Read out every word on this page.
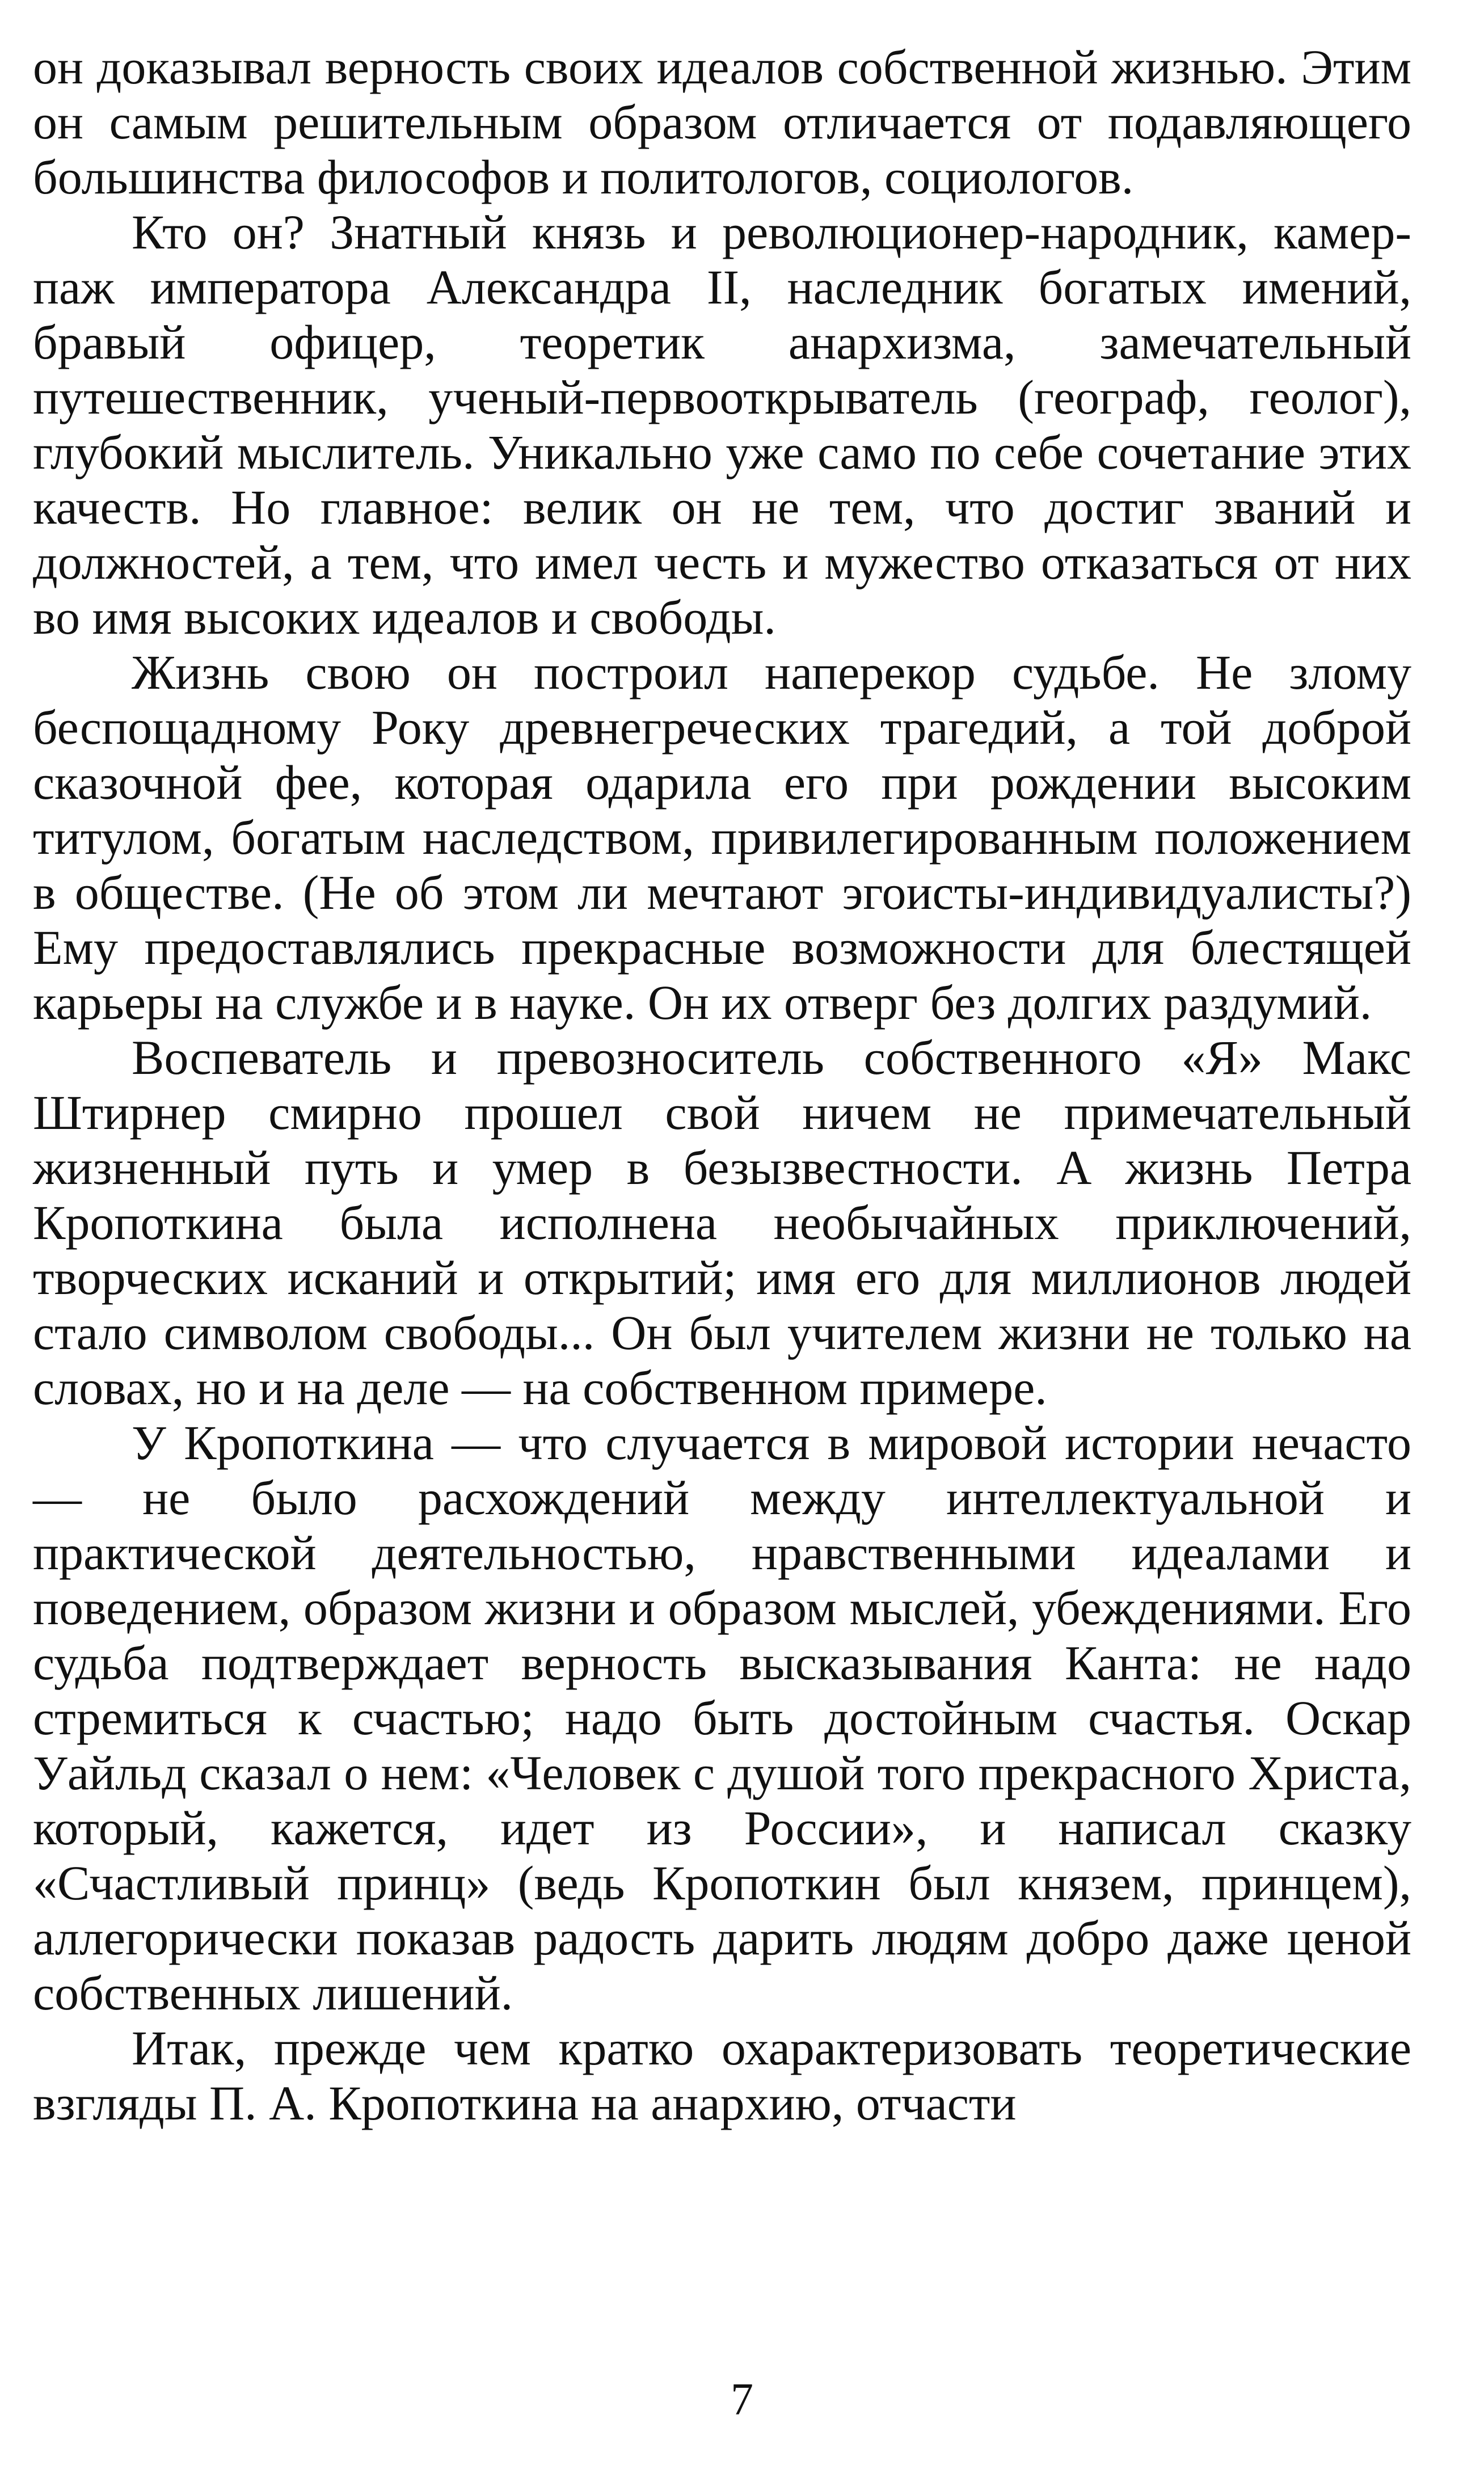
он доказывал верность своих идеалов собственной жизнью. Этим он самым решительным образом отличается от подавляющего большинства философов и политологов, социологов.

Кто он? Знатный князь и революционер-народник, камер-паж императора Александра II, наследник богатых имений, бравый офицер, теоретик анархизма, замечательный путешественник, ученый-первооткрыватель (географ, геолог), глубокий мыслитель. Уникально уже само по себе сочетание этих качеств. Но главное: велик он не тем, что достиг званий и должностей, а тем, что имел честь и мужество отказаться от них во имя высоких идеалов и свободы.

Жизнь свою он построил наперекор судьбе. Не злому беспощадному Року древнегреческих трагедий, а той доброй сказочной фее, которая одарила его при рождении высоким титулом, богатым наследством, привилегированным положением в обществе. (Не об этом ли мечтают эгоисты-индивидуалисты?) Ему предоставлялись прекрасные возможности для блестящей карьеры на службе и в науке. Он их отверг без долгих раздумий.

Воспеватель и превозноситель собственного «Я» Макс Штирнер смирно прошел свой ничем не примечательный жизненный путь и умер в безызвестности. А жизнь Петра Кропоткина была исполнена необычайных приключений, творческих исканий и открытий; имя его для миллионов людей стало символом свободы... Он был учителем жизни не только на словах, но и на деле — на собственном примере.

У Кропоткина — что случается в мировой истории нечасто — не было расхождений между интеллектуальной и практической деятельностью, нравственными идеалами и поведением, образом жизни и образом мыслей, убеждениями. Его судьба подтверждает верность высказывания Канта: не надо стремиться к счастью; надо быть достойным счастья. Оскар Уайльд сказал о нем: «Человек с душой того прекрасного Христа, который, кажется, идет из России», и написал сказку «Счастливый принц» (ведь Кропоткин был князем, принцем), аллегорически показав радость дарить людям добро даже ценой собственных лишений.

Итак, прежде чем кратко охарактеризовать теоретические взгляды П. А. Кропоткина на анархию, отчасти

7
